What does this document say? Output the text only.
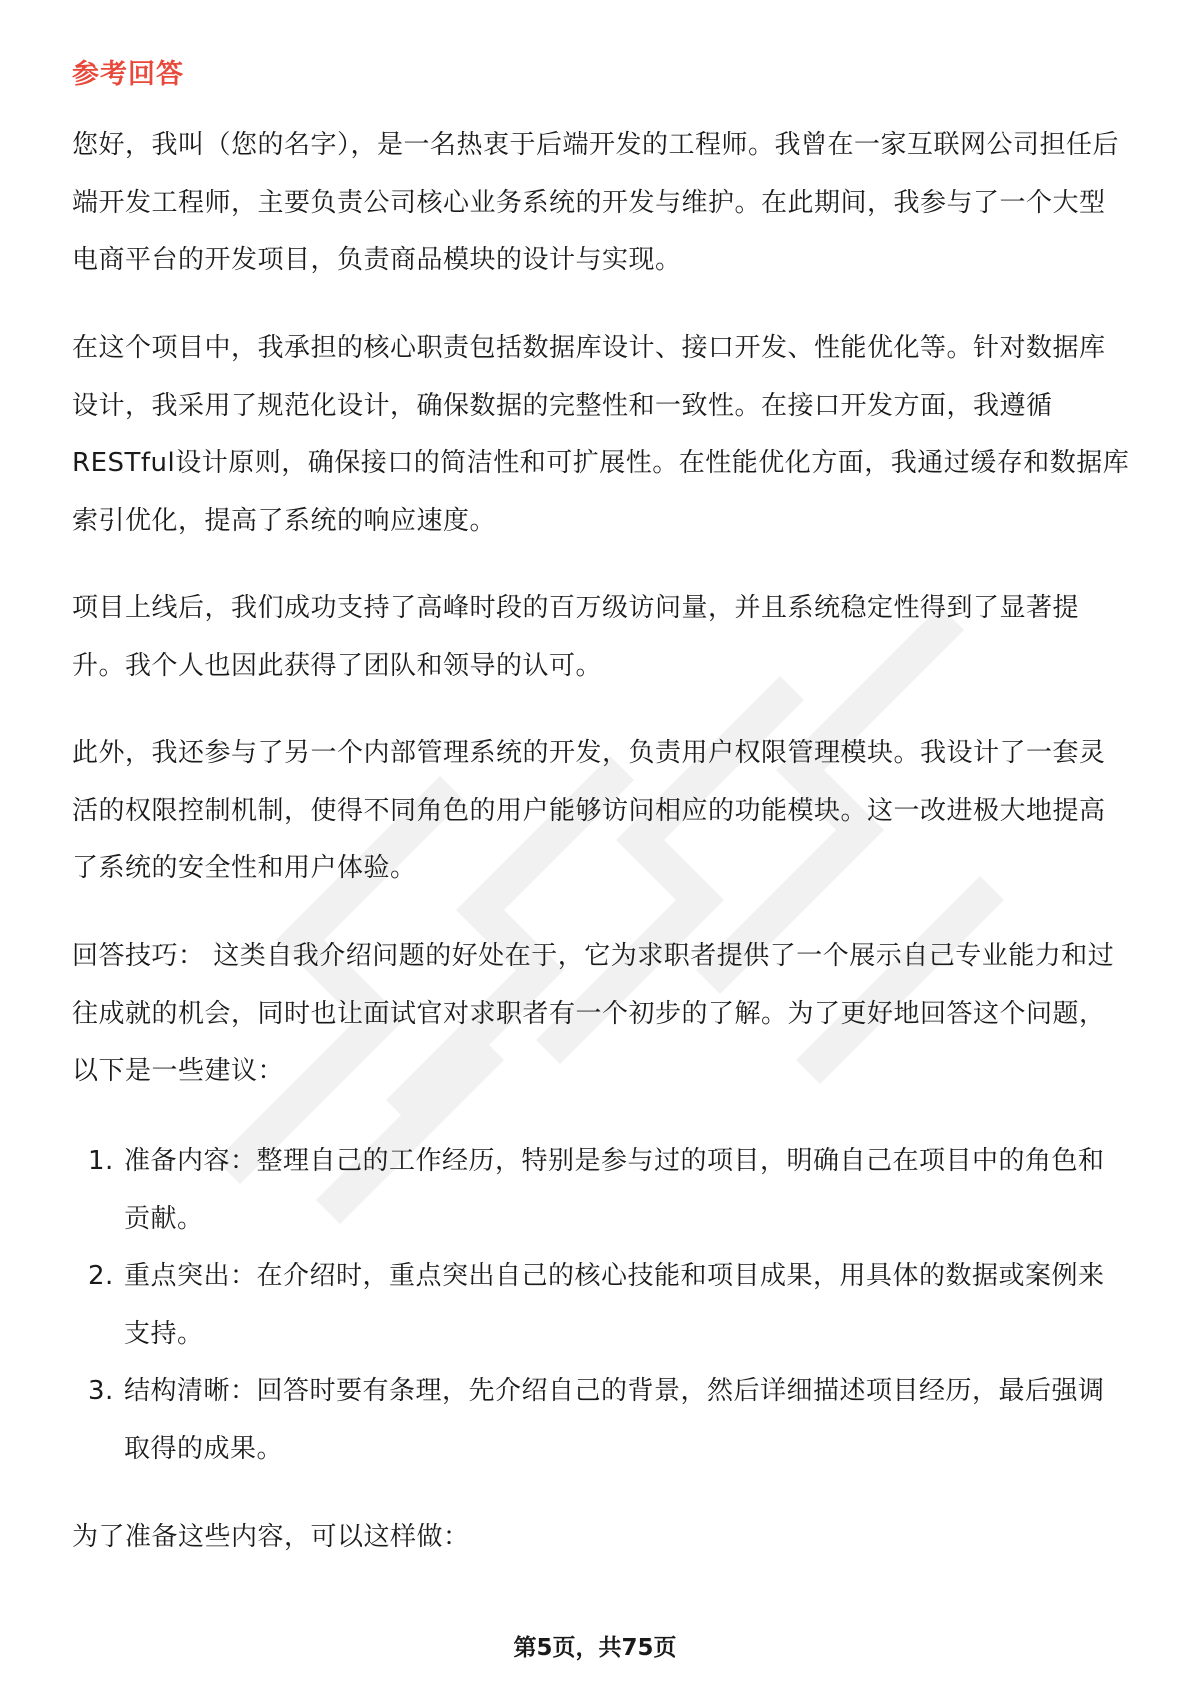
参考回答

您好，我叫（您的名字），是一名热衷于后端开发的工程师。我曾在一家互联网公司担任后端开发工程师，主要负责公司核心业务系统的开发与维护。在此期间，我参与了一个大型电商平台的开发项目，负责商品模块的设计与实现。

在这个项目中，我承担的核心职责包括数据库设计、接口开发、性能优化等。针对数据库设计，我采用了规范化设计，确保数据的完整性和一致性。在接口开发方面，我遵循RESTful设计原则，确保接口的简洁性和可扩展性。在性能优化方面，我通过缓存和数据库索引优化，提高了系统的响应速度。

项目上线后，我们成功支持了高峰时段的百万级访问量，并且系统稳定性得到了显著提升。我个人也因此获得了团队和领导的认可。

此外，我还参与了另一个内部管理系统的开发，负责用户权限管理模块。我设计了一套灵活的权限控制机制，使得不同角色的用户能够访问相应的功能模块。这一改进极大地提高了系统的安全性和用户体验。

回答技巧： 这类自我介绍问题的好处在于，它为求职者提供了一个展示自己专业能力和过往成就的机会，同时也让面试官对求职者有一个初步的了解。为了更好地回答这个问题，以下是一些建议：

1. 准备内容：整理自己的工作经历，特别是参与过的项目，明确自己在项目中的角色和贡献。
2. 重点突出：在介绍时，重点突出自己的核心技能和项目成果，用具体的数据或案例来支持。
3. 结构清晰：回答时要有条理，先介绍自己的背景，然后详细描述项目经历，最后强调取得的成果。

为了准备这些内容，可以这样做：

第5页，共75页
